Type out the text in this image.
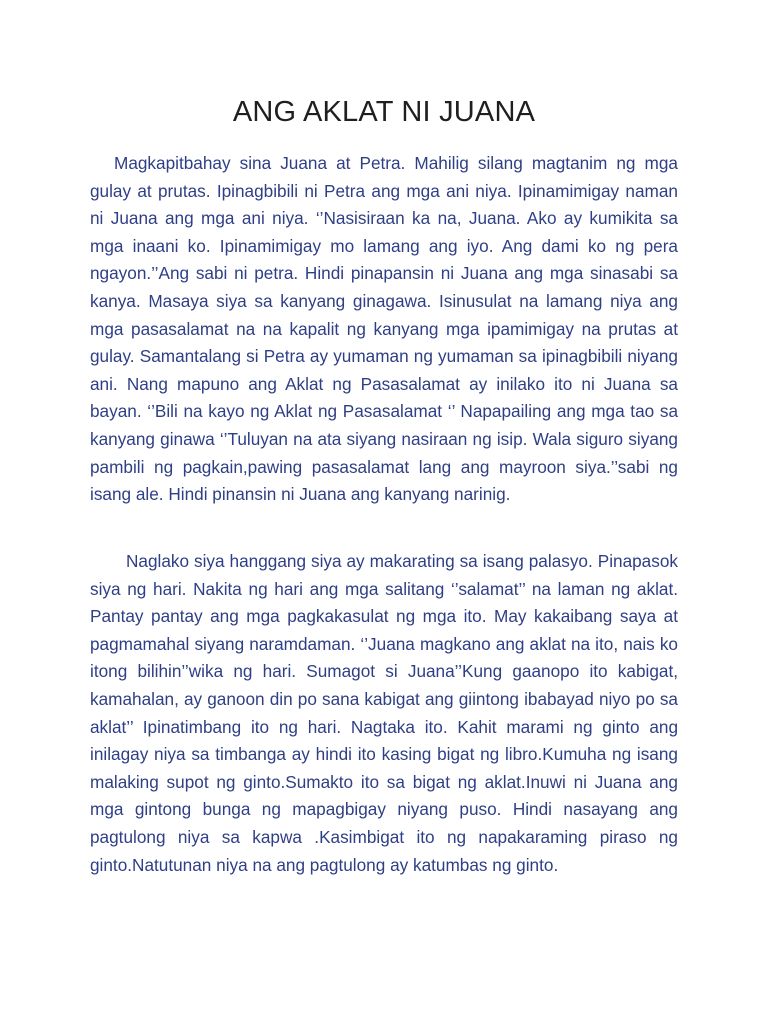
ANG AKLAT NI JUANA

Magkapitbahay sina Juana at Petra. Mahilig silang magtanim ng mga gulay at prutas. Ipinagbibili ni Petra ang mga ani niya. Ipinamimigay naman ni Juana ang mga ani niya. ‘’Nasisiraan ka na, Juana. Ako ay kumikita sa mga inaani ko. Ipinamimigay mo lamang ang iyo. Ang dami ko ng pera ngayon.’’Ang sabi ni petra. Hindi pinapansin ni Juana ang mga sinasabi sa kanya. Masaya siya sa kanyang ginagawa. Isinusulat na lamang niya ang mga pasasalamat na na kapalit ng kanyang mga ipamimigay na prutas at gulay. Samantalang si Petra ay yumaman ng yumaman sa ipinagbibili niyang ani. Nang mapuno ang Aklat ng Pasasalamat ay inilako ito ni Juana sa bayan. ‘’Bili na kayo ng Aklat ng Pasasalamat ‘’ Napapailing ang mga tao sa kanyang ginawa ‘’Tuluyan na ata siyang nasiraan ng isip. Wala siguro siyang pambili ng pagkain,pawing pasasalamat lang ang mayroon siya.’’sabi ng isang ale. Hindi pinansin ni Juana ang kanyang narinig.

Naglako siya hanggang siya ay makarating sa isang palasyo. Pinapasok siya ng hari. Nakita ng hari ang mga salitang ‘’salamat’’ na laman ng aklat. Pantay pantay ang mga pagkakasulat ng mga ito. May kakaibang saya at pagmamahal siyang naramdaman. ‘’Juana magkano ang aklat na ito, nais ko itong bilihin’’wika ng hari. Sumagot si Juana’’Kung gaanopo ito kabigat, kamahalan, ay ganoon din po sana kabigat ang giintong ibabayad niyo po sa aklat’’ Ipinatimbang ito ng hari. Nagtaka ito. Kahit marami ng ginto ang inilagay niya sa timbanga ay hindi ito kasing bigat ng libro.Kumuha ng isang malaking supot ng ginto.Sumakto ito sa bigat ng aklat.Inuwi ni Juana ang mga gintong bunga ng mapagbigay niyang puso. Hindi nasayang ang pagtulong niya sa kapwa .Kasimbigat ito ng napakaraming piraso ng ginto.Natutunan niya na ang pagtulong ay katumbas ng ginto.
